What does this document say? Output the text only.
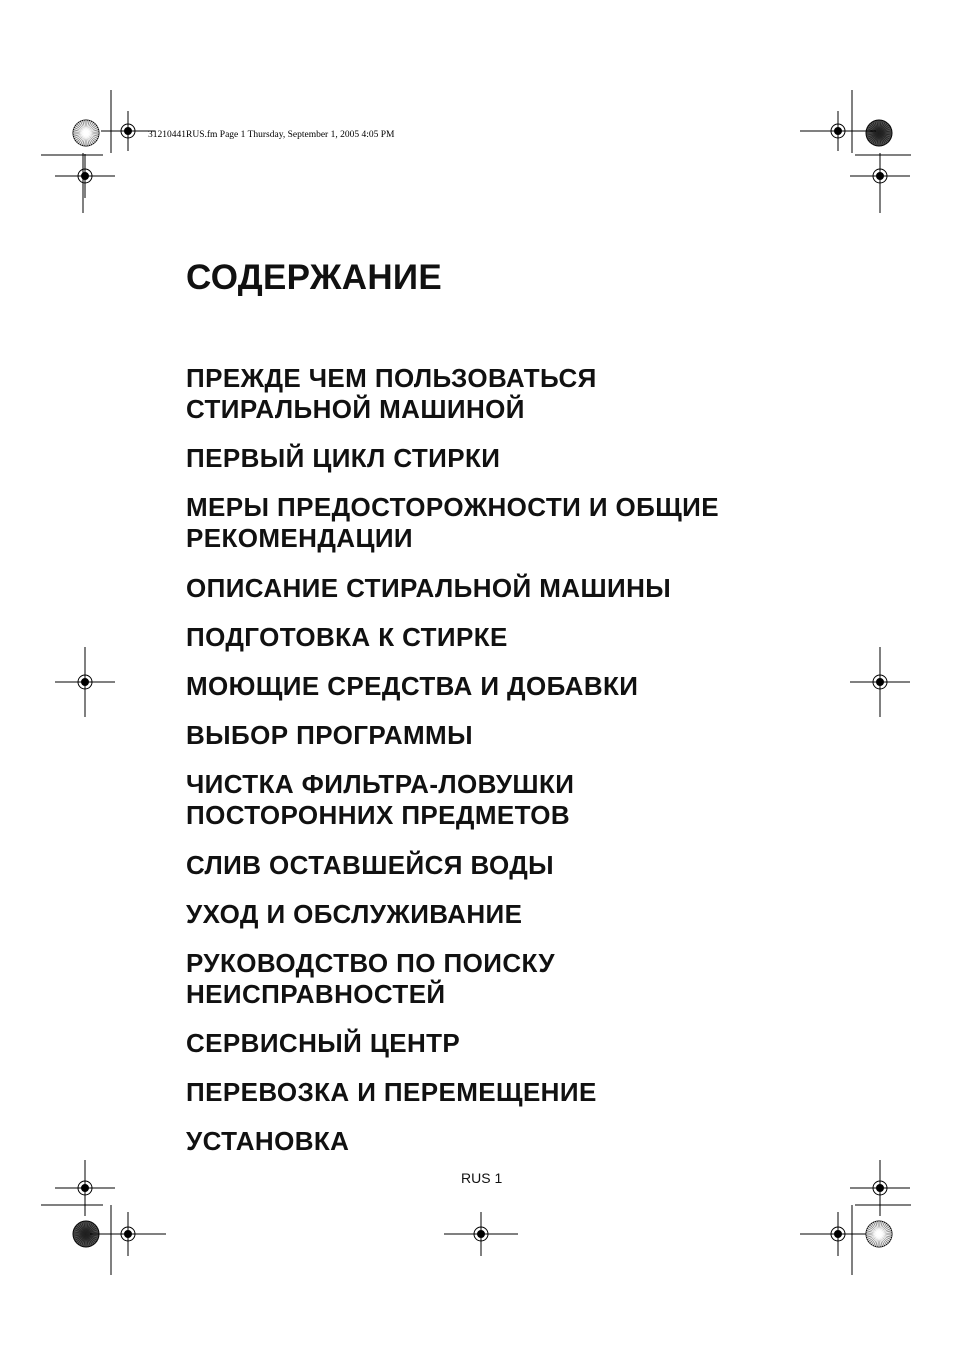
31210441RUS.fm Page 1 Thursday, September 1, 2005 4:05 PM
СОДЕРЖАНИЕ
ПРЕЖДЕ ЧЕМ ПОЛЬЗОВАТЬСЯ
СТИРАЛЬНОЙ МАШИНОЙ
ПЕРВЫЙ ЦИКЛ СТИРКИ
МЕРЫ ПРЕДОСТОРОЖНОСТИ И ОБЩИЕ
РЕКОМЕНДАЦИИ
ОПИСАНИЕ СТИРАЛЬНОЙ МАШИНЫ
ПОДГОТОВКА К СТИРКЕ
МОЮЩИЕ СРЕДСТВА И ДОБАВКИ
ВЫБОР ПРОГРАММЫ
ЧИСТКА ФИЛЬТРА-ЛОВУШКИ
ПОСТОРОННИХ ПРЕДМЕТОВ
СЛИВ ОСТАВШЕЙСЯ ВОДЫ
УХОД И ОБСЛУЖИВАНИЕ
РУКОВОДСТВО ПО ПОИСКУ
НЕИСПРАВНОСТЕЙ
СЕРВИСНЫЙ ЦЕНТР
ПЕРЕВОЗКА И ПЕРЕМЕЩЕНИЕ
УСТАНОВКА
RUS 1
